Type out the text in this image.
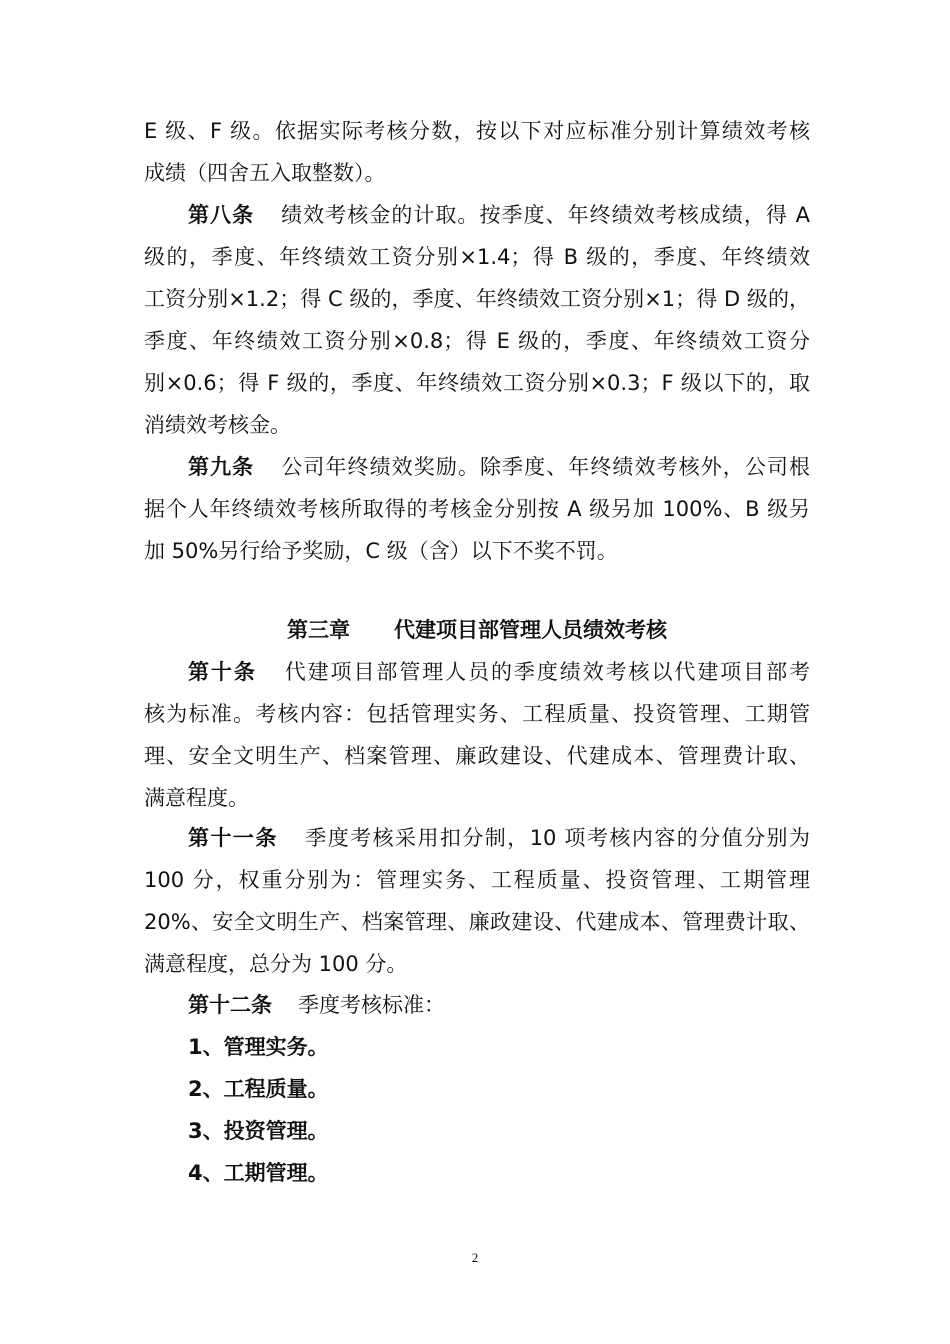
E 级、F 级。依据实际考核分数，按以下对应标准分别计算绩效考核
成绩（四舍五入取整数）。
第八条 绩效考核金的计取。按季度、年终绩效考核成绩，得 A
级的，季度、年终绩效工资分别×1.4；得 B 级的，季度、年终绩效
工资分别×1.2；得 C 级的，季度、年终绩效工资分别×1；得 D 级的，
季度、年终绩效工资分别×0.8；得 E 级的，季度、年终绩效工资分
别×0.6；得 F 级的，季度、年终绩效工资分别×0.3；F 级以下的，取
消绩效考核金。
第九条 公司年终绩效奖励。除季度、年终绩效考核外，公司根
据个人年终绩效考核所取得的考核金分别按 A 级另加 100%、B 级另
加 50%另行给予奖励，C 级（含）以下不奖不罚。
第三章 代建项目部管理人员绩效考核
第十条 代建项目部管理人员的季度绩效考核以代建项目部考
核为标准。考核内容：包括管理实务、工程质量、投资管理、工期管
理、安全文明生产、档案管理、廉政建设、代建成本、管理费计取、
满意程度。
第十一条 季度考核采用扣分制，10 项考核内容的分值分别为
100 分，权重分别为：管理实务、工程质量、投资管理、工期管理
20%、安全文明生产、档案管理、廉政建设、代建成本、管理费计取、
满意程度，总分为 100 分。
第十二条 季度考核标准：
1、管理实务。
2、工程质量。
3、投资管理。
4、工期管理。
2
